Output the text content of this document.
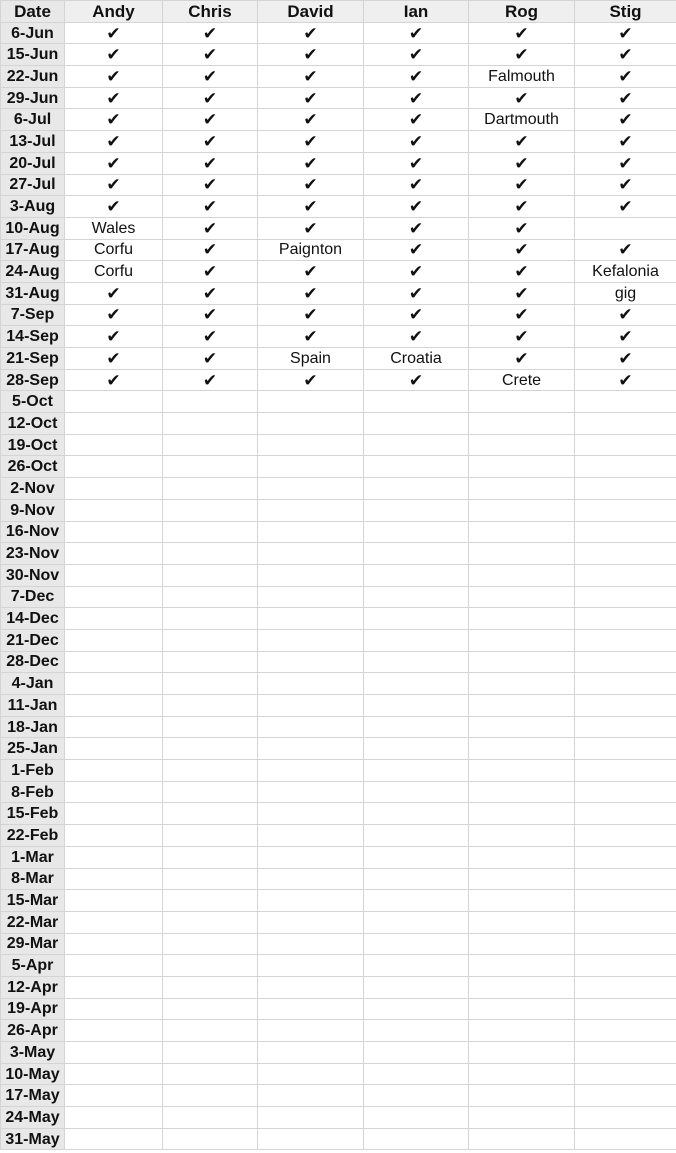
Date	Andy	Chris	David	Ian	Rog	Stig
6-Jun	✔	✔	✔	✔	✔	✔
15-Jun	✔	✔	✔	✔	✔	✔
22-Jun	✔	✔	✔	✔	Falmouth	✔
29-Jun	✔	✔	✔	✔	✔	✔
6-Jul	✔	✔	✔	✔	Dartmouth	✔
13-Jul	✔	✔	✔	✔	✔	✔
20-Jul	✔	✔	✔	✔	✔	✔
27-Jul	✔	✔	✔	✔	✔	✔
3-Aug	✔	✔	✔	✔	✔	✔
10-Aug	Wales	✔	✔	✔	✔	
17-Aug	Corfu	✔	Paignton	✔	✔	✔
24-Aug	Corfu	✔	✔	✔	✔	Kefalonia
31-Aug	✔	✔	✔	✔	✔	gig
7-Sep	✔	✔	✔	✔	✔	✔
14-Sep	✔	✔	✔	✔	✔	✔
21-Sep	✔	✔	Spain	Croatia	✔	✔
28-Sep	✔	✔	✔	✔	Crete	✔
5-Oct						
12-Oct						
19-Oct						
26-Oct						
2-Nov						
9-Nov						
16-Nov						
23-Nov						
30-Nov						
7-Dec						
14-Dec						
21-Dec						
28-Dec						
4-Jan						
11-Jan						
18-Jan						
25-Jan						
1-Feb						
8-Feb						
15-Feb						
22-Feb						
1-Mar						
8-Mar						
15-Mar						
22-Mar						
29-Mar						
5-Apr						
12-Apr						
19-Apr						
26-Apr						
3-May						
10-May						
17-May						
24-May						
31-May						
